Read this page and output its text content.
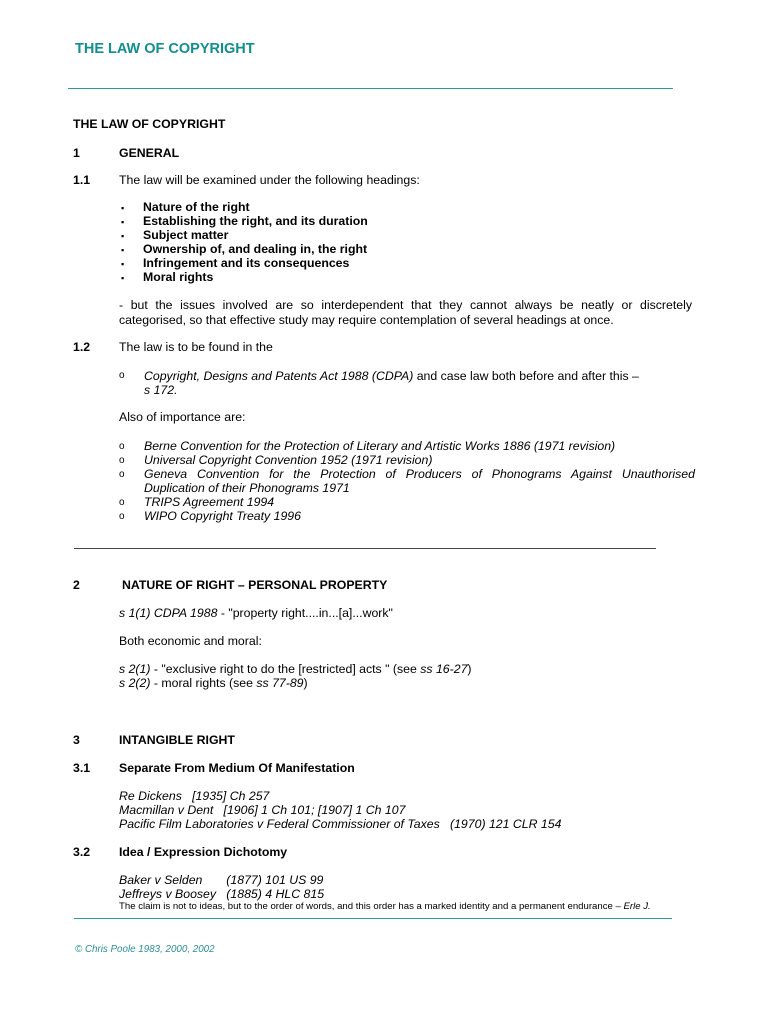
THE LAW OF COPYRIGHT
THE LAW OF COPYRIGHT
1	GENERAL
1.1 The law will be examined under the following headings:
▪ Nature of the right
▪ Establishing the right, and its duration
▪ Subject matter
▪ Ownership of, and dealing in, the right
▪ Infringement and its consequences
▪ Moral rights
- but the issues involved are so interdependent that they cannot always be neatly or discretely categorised, so that effective study may require contemplation of several headings at once.
1.2 The law is to be found in the
o Copyright, Designs and Patents Act 1988 (CDPA) and case law both before and after this –
s 172.
Also of importance are:
o Berne Convention for the Protection of Literary and Artistic Works 1886 (1971 revision)
o Universal Copyright Convention 1952 (1971 revision)
o Geneva Convention for the Protection of Producers of Phonograms Against Unauthorised
Duplication of their Phonograms 1971
o TRIPS Agreement 1994
o WIPO Copyright Treaty 1996
2	NATURE OF RIGHT – PERSONAL PROPERTY
s 1(1) CDPA 1988 - "property right....in...[a]...work"
Both economic and moral:
s 2(1) - "exclusive right to do the [restricted] acts " (see ss 16-27)
s 2(2) - moral rights (see ss 77-89)
3	INTANGIBLE RIGHT
3.1 Separate From Medium Of Manifestation
Re Dickens   [1935] Ch 257
Macmillan v Dent   [1906] 1 Ch 101; [1907] 1 Ch 107
Pacific Film Laboratories v Federal Commissioner of Taxes   (1970) 121 CLR 154
3.2 Idea / Expression Dichotomy
Baker v Selden       (1877) 101 US 99
Jeffreys v Boosey   (1885) 4 HLC 815
The claim is not to ideas, but to the order of words, and this order has a marked identity and a permanent endurance – Erle J.
© Chris Poole 1983, 2000, 2002
